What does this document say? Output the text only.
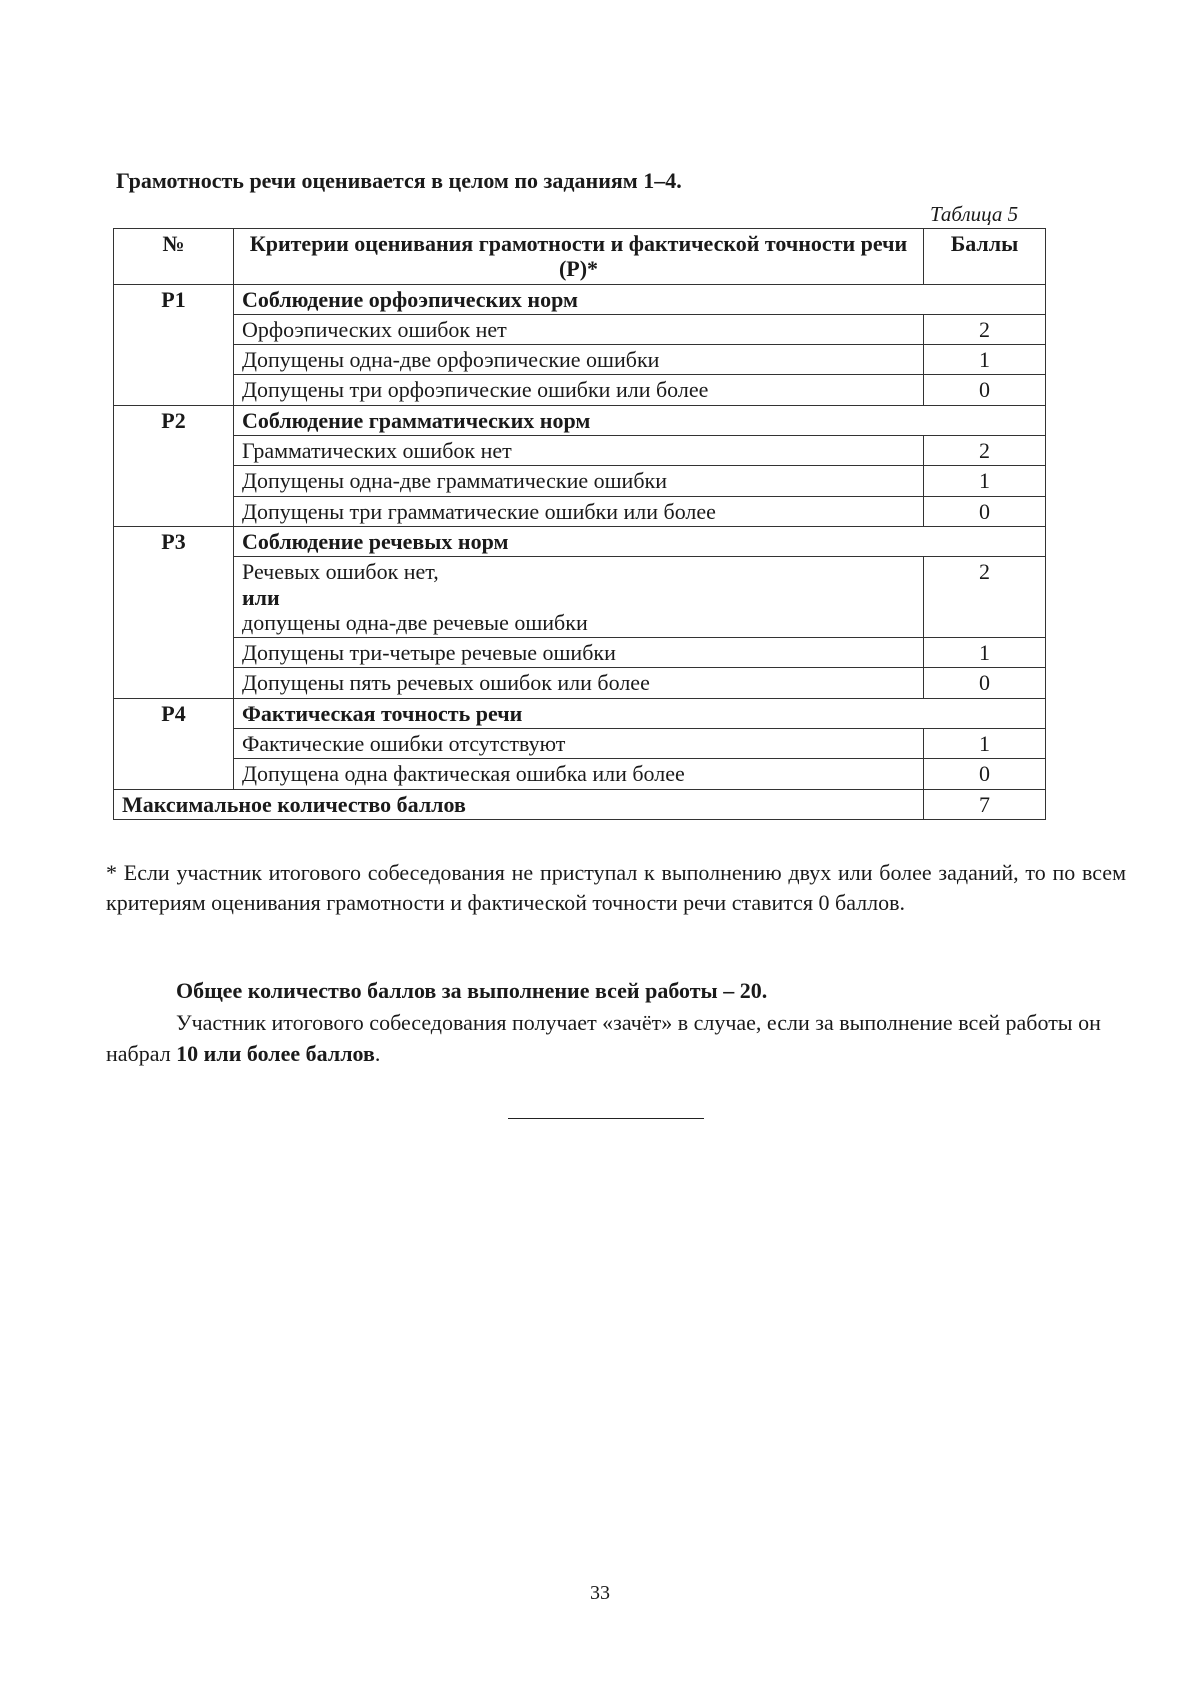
Грамотность речи оценивается в целом по заданиям 1–4.
Таблица 5
№	Критерии оценивания грамотности и фактической точности речи (Р)*	Баллы
Р1	Соблюдение орфоэпических норм	
	Орфоэпических ошибок нет	2
	Допущены одна-две орфоэпические ошибки	1
	Допущены три орфоэпические ошибки или более	0
Р2	Соблюдение грамматических норм	
	Грамматических ошибок нет	2
	Допущены одна-две грамматические ошибки	1
	Допущены три грамматические ошибки или более	0
Р3	Соблюдение речевых норм	

	Речевых ошибок нет,
или
допущены одна-две речевые ошибки	2
	Допущены три-четыре речевые ошибки	1
	Допущены пять речевых ошибок или более	0
Р4	Фактическая точность речи	
	Фактические ошибки отсутствуют	1
	Допущена одна фактическая ошибка или более	0
Максимальное количество баллов		7
* Если участник итогового собеседования не приступал к выполнению двух или более заданий, то по всем критериям оценивания грамотности и фактической точности речи ставится 0 баллов.
Общее количество баллов за выполнение всей работы – 20.
Участник итогового собеседования получает «зачёт» в случае, если за выполнение всей работы он набрал 10 или более баллов.
33
